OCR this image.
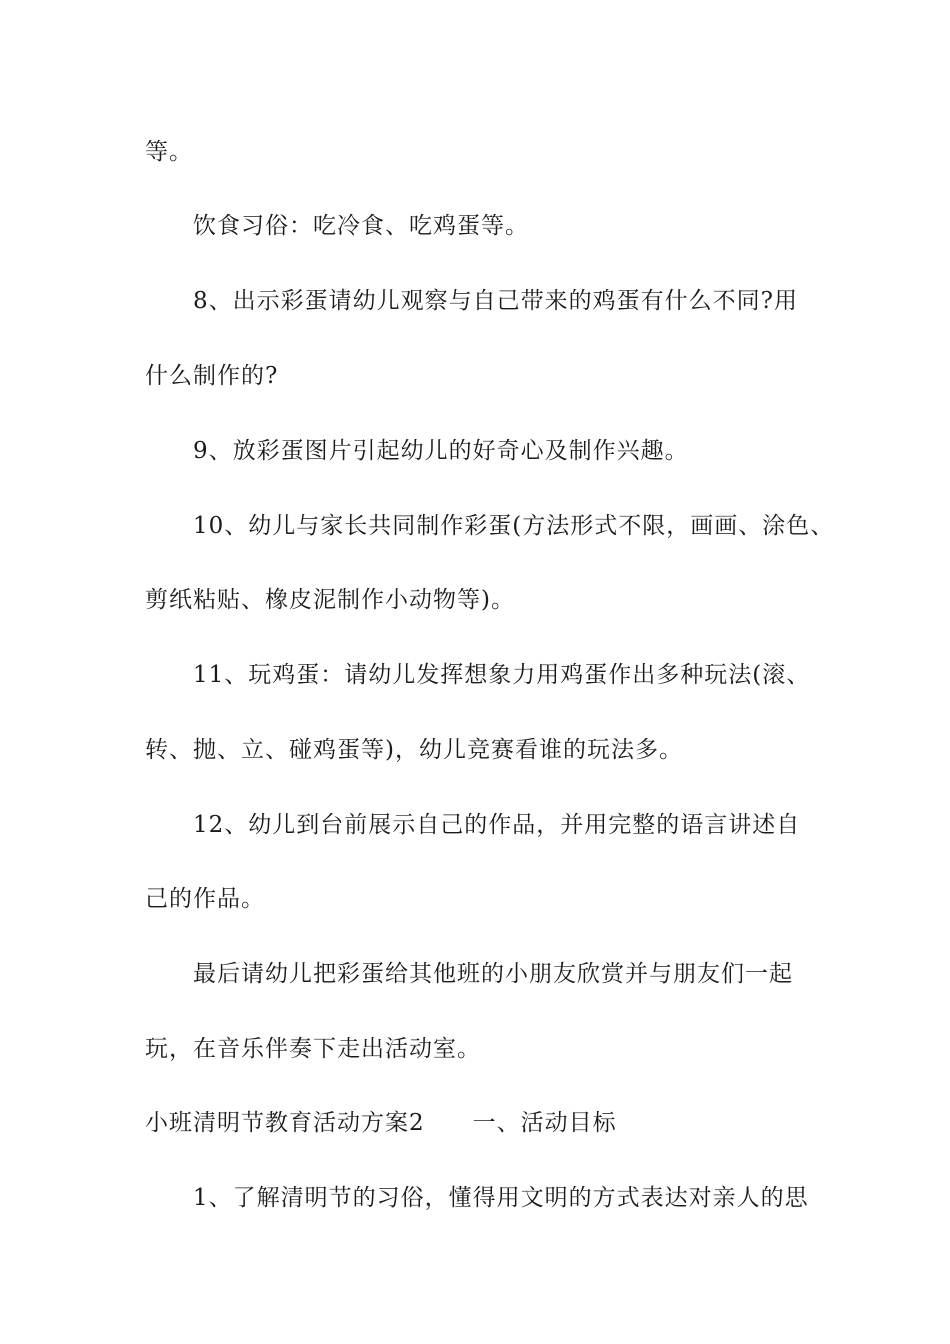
等。
饮食习俗：吃冷食、吃鸡蛋等。
8、出示彩蛋请幼儿观察与自己带来的鸡蛋有什么不同?用
什么制作的?
9、放彩蛋图片引起幼儿的好奇心及制作兴趣。
10、幼儿与家长共同制作彩蛋(方法形式不限，画画、涂色、
剪纸粘贴、橡皮泥制作小动物等)。
11、玩鸡蛋：请幼儿发挥想象力用鸡蛋作出多种玩法(滚、
转、抛、立、碰鸡蛋等)，幼儿竞赛看谁的玩法多。
12、幼儿到台前展示自己的作品，并用完整的语言讲述自
己的作品。
最后请幼儿把彩蛋给其他班的小朋友欣赏并与朋友们一起
玩，在音乐伴奏下走出活动室。
小班清明节教育活动方案2 一、活动目标
1、了解清明节的习俗，懂得用文明的方式表达对亲人的思
